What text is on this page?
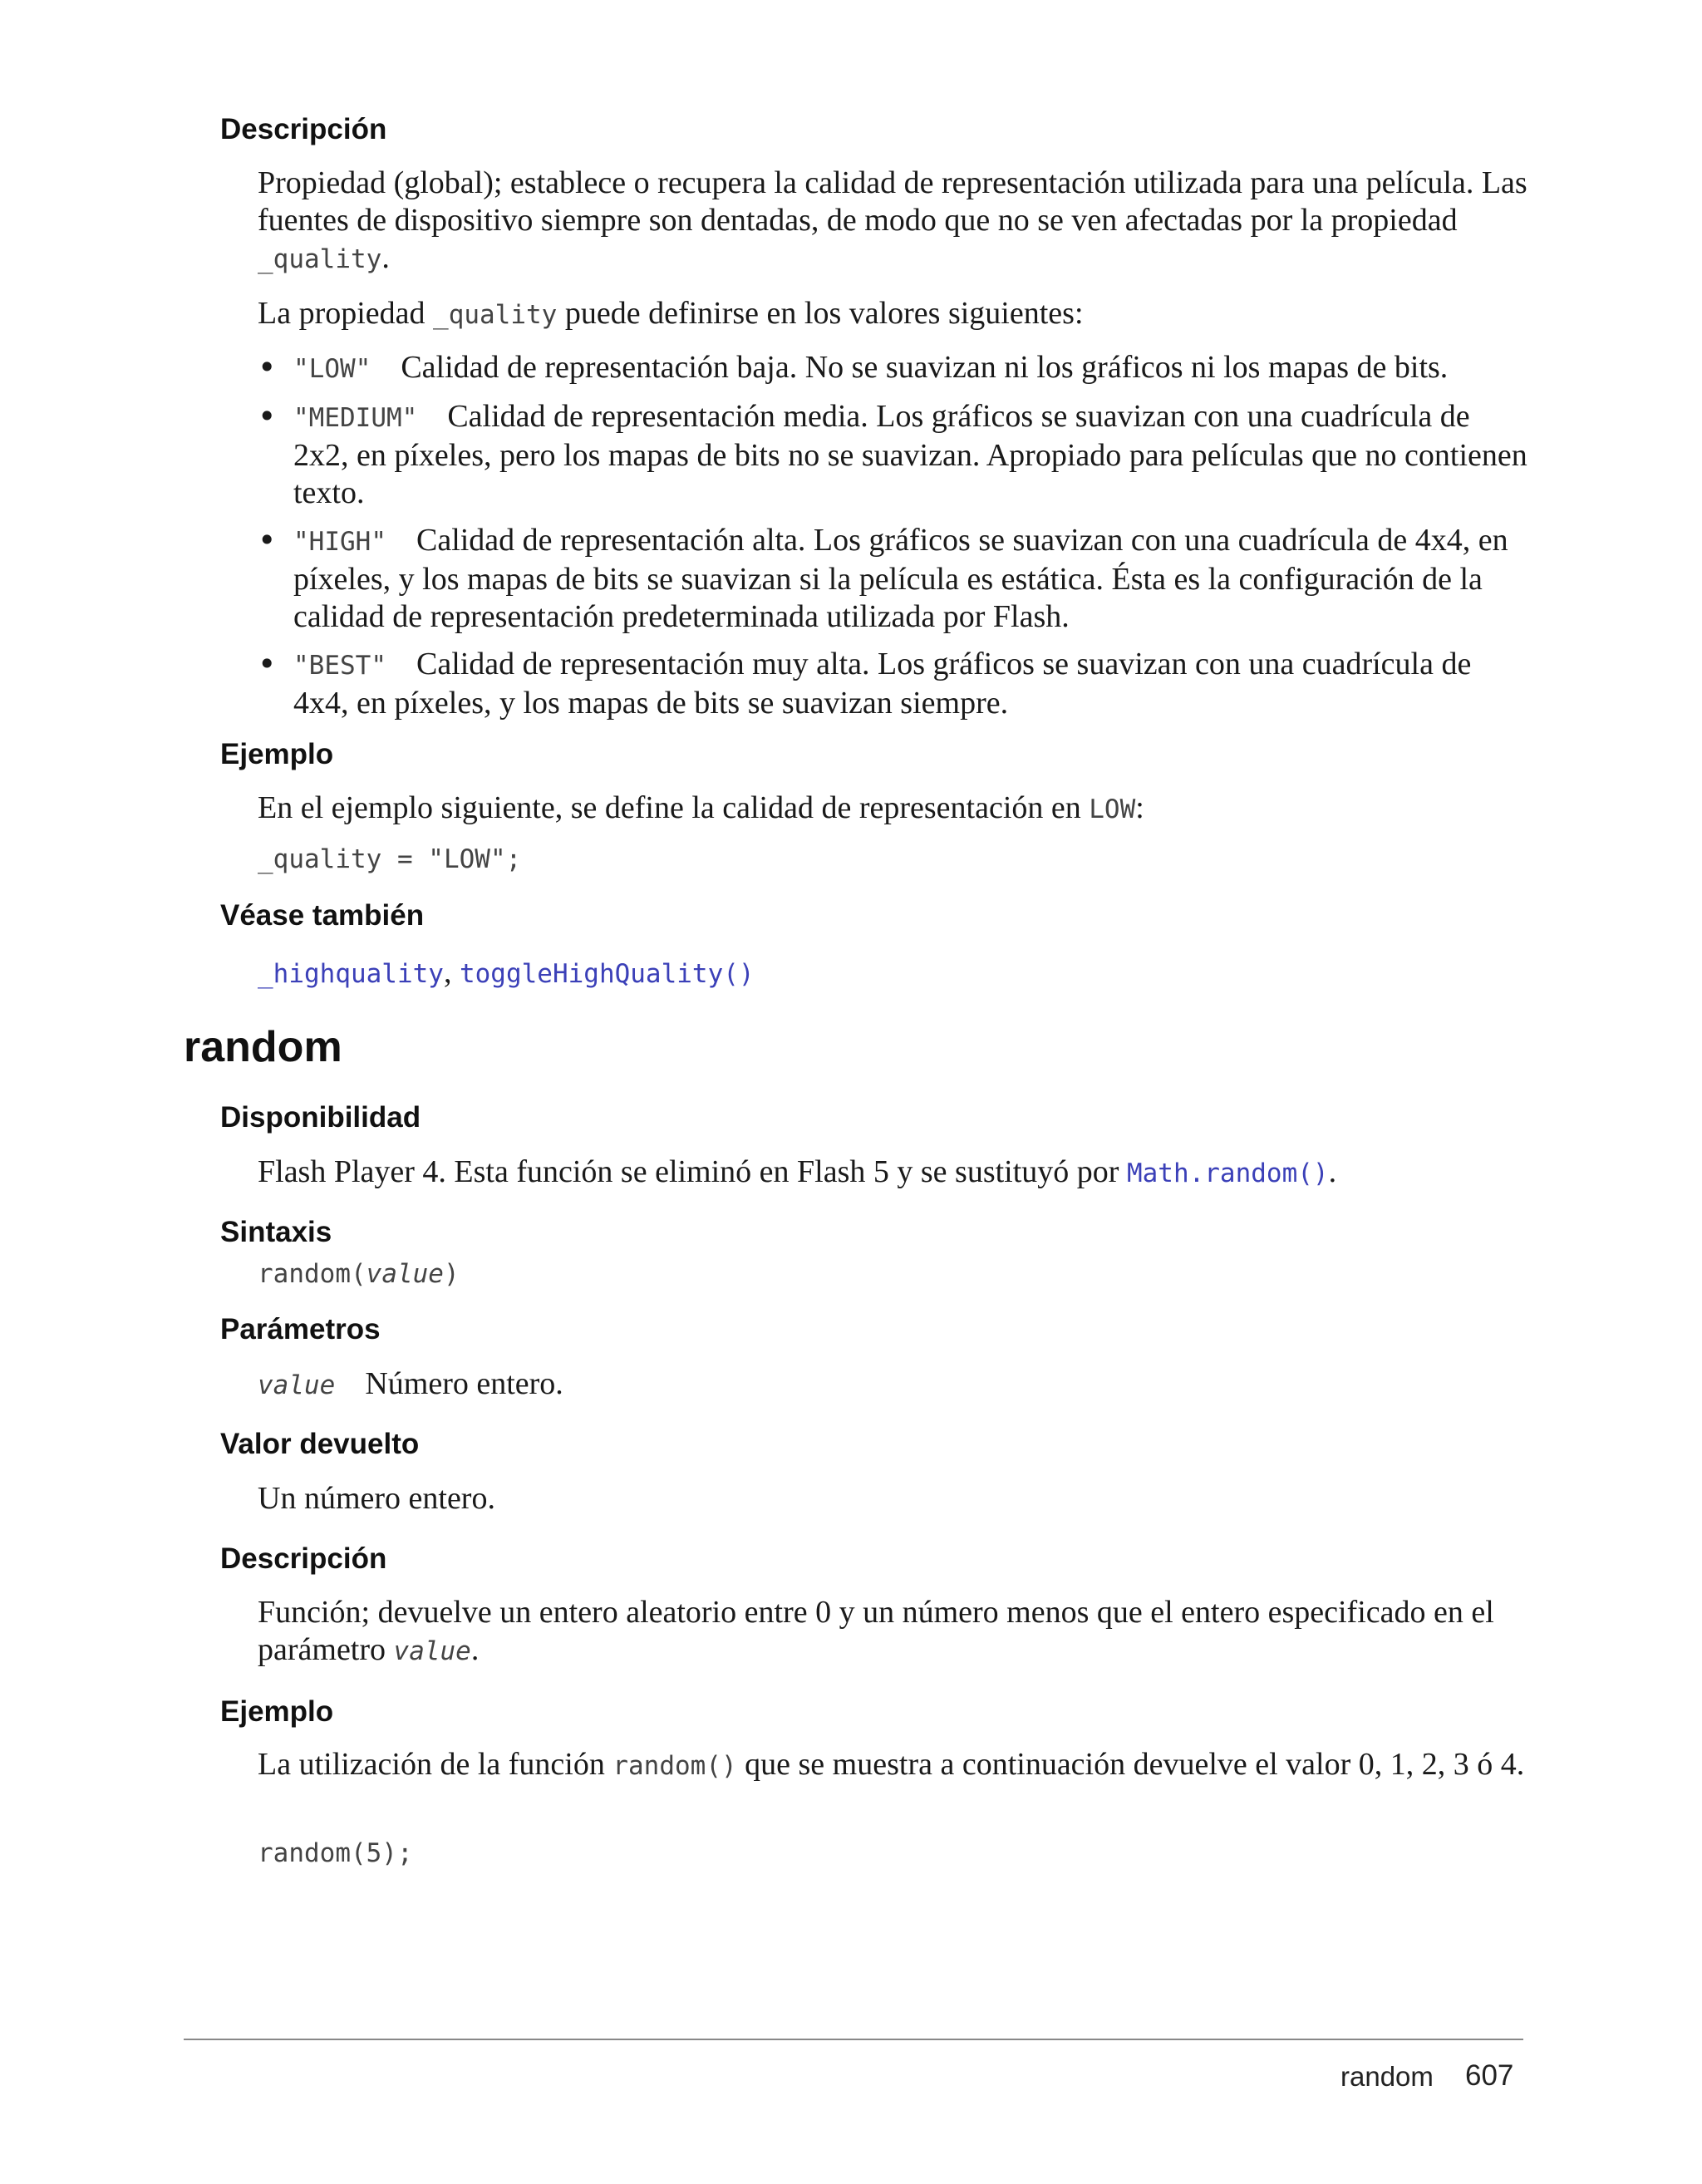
Descripción

Propiedad (global); establece o recupera la calidad de representación utilizada para una película. Las fuentes de dispositivo siempre son dentadas, de modo que no se ven afectadas por la propiedad _quality.

La propiedad _quality puede definirse en los valores siguientes:

• "LOW" Calidad de representación baja. No se suavizan ni los gráficos ni los mapas de bits.
• "MEDIUM" Calidad de representación media. Los gráficos se suavizan con una cuadrícula de 2x2, en píxeles, pero los mapas de bits no se suavizan. Apropiado para películas que no contienen texto.
• "HIGH" Calidad de representación alta. Los gráficos se suavizan con una cuadrícula de 4x4, en píxeles, y los mapas de bits se suavizan si la película es estática. Ésta es la configuración de la calidad de representación predeterminada utilizada por Flash.
• "BEST" Calidad de representación muy alta. Los gráficos se suavizan con una cuadrícula de 4x4, en píxeles, y los mapas de bits se suavizan siempre.
Ejemplo

En el ejemplo siguiente, se define la calidad de representación en LOW:

_quality = "LOW";
Véase también

_highquality, toggleHighQuality()

random
Disponibilidad

Flash Player 4. Esta función se eliminó en Flash 5 y se sustituyó por Math.random().

Sintaxis
random(value)
Parámetros

value Número entero.

Valor devuelto

Un número entero.

Descripción

Función; devuelve un entero aleatorio entre 0 y un número menos que el entero especificado en el parámetro value.

Ejemplo

La utilización de la función random() que se muestra a continuación devuelve el valor 0, 1, 2, 3 ó 4.

random(5);
random 607
